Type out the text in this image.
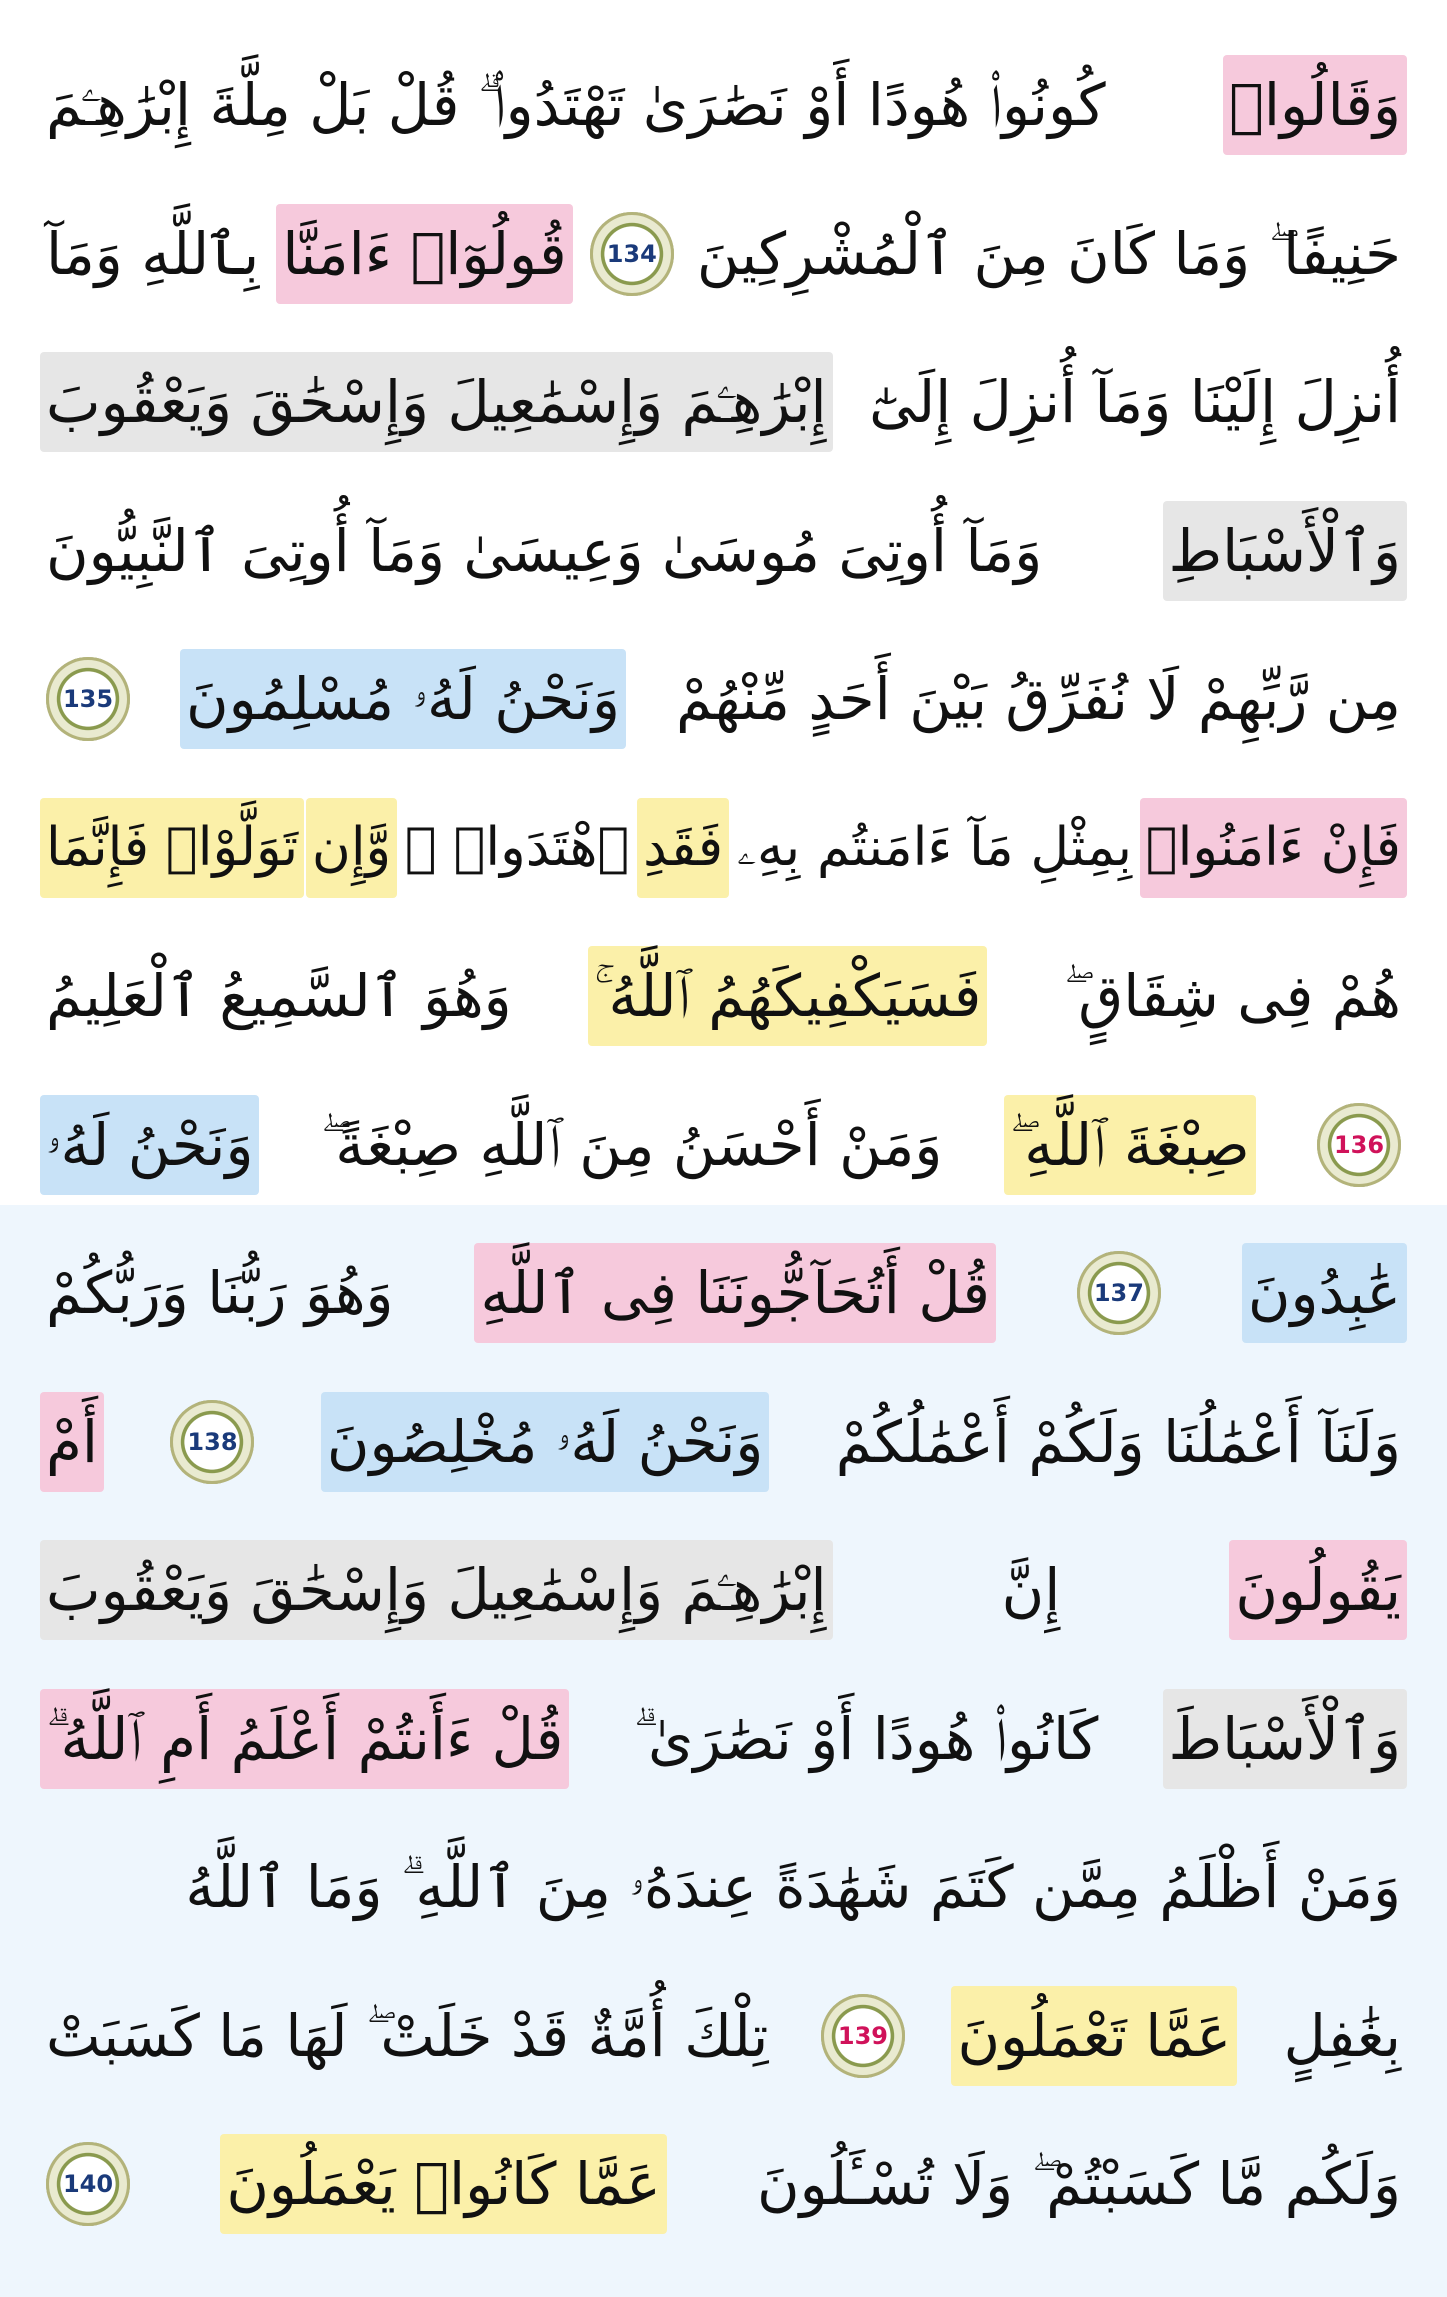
وَقَالُوا۟
كُونُوا۟ هُودًا أَوْ نَصَٰرَىٰ تَهْتَدُوا۟ ۗ قُلْ بَلْ مِلَّةَ إِبْرَٰهِـۧمَ
حَنِيفًا ۖ وَمَا كَانَ مِنَ ٱلْمُشْرِكِينَ
134
قُولُوٓا۟ ءَامَنَّا
بِٱللَّهِ وَمَآ
أُنزِلَ إِلَيْنَا وَمَآ أُنزِلَ إِلَىٰٓ
إِبْرَٰهِـۧمَ وَإِسْمَٰعِيلَ وَإِسْحَٰقَ وَيَعْقُوبَ
وَٱلْأَسْبَاطِ
وَمَآ أُوتِىَ مُوسَىٰ وَعِيسَىٰ وَمَآ أُوتِىَ ٱلنَّبِيُّونَ
مِن رَّبِّهِمْ لَا نُفَرِّقُ بَيْنَ أَحَدٍ مِّنْهُمْ
وَنَحْنُ لَهُۥ مُسْلِمُونَ
135
فَإِنْ ءَامَنُوا۟
بِمِثْلِ مَآ ءَامَنتُم بِهِۦ
فَقَدِ
ٱهْتَدَوا۟ ۖ
وَّإِن
تَوَلَّوْا۟ فَإِنَّمَا
هُمْ فِى شِقَاقٍ ۖ
فَسَيَكْفِيكَهُمُ ٱللَّهُ ۚ
وَهُوَ ٱلسَّمِيعُ ٱلْعَلِيمُ
136
صِبْغَةَ ٱللَّهِ ۖ
وَمَنْ أَحْسَنُ مِنَ ٱللَّهِ صِبْغَةً ۖ
وَنَحْنُ لَهُۥ
عَٰبِدُونَ
137
قُلْ أَتُحَآجُّونَنَا فِى ٱللَّهِ
وَهُوَ رَبُّنَا وَرَبُّكُمْ
وَلَنَآ أَعْمَٰلُنَا وَلَكُمْ أَعْمَٰلُكُمْ
وَنَحْنُ لَهُۥ مُخْلِصُونَ
138
أَمْ
يَقُولُونَ
إِنَّ
إِبْرَٰهِـۧمَ وَإِسْمَٰعِيلَ وَإِسْحَٰقَ وَيَعْقُوبَ
وَٱلْأَسْبَاطَ
كَانُوا۟ هُودًا أَوْ نَصَٰرَىٰ ۗ
قُلْ ءَأَنتُمْ أَعْلَمُ أَمِ ٱللَّهُ ۗ
وَمَنْ أَظْلَمُ مِمَّن كَتَمَ شَهَٰدَةً عِندَهُۥ مِنَ ٱللَّهِ ۗ وَمَا ٱللَّهُ
بِغَٰفِلٍ
عَمَّا تَعْمَلُونَ
139
تِلْكَ أُمَّةٌ قَدْ خَلَتْ ۖ لَهَا مَا كَسَبَتْ
وَلَكُم مَّا كَسَبْتُمْ ۖ وَلَا تُسْـَٔلُونَ
عَمَّا كَانُوا۟ يَعْمَلُونَ
140
